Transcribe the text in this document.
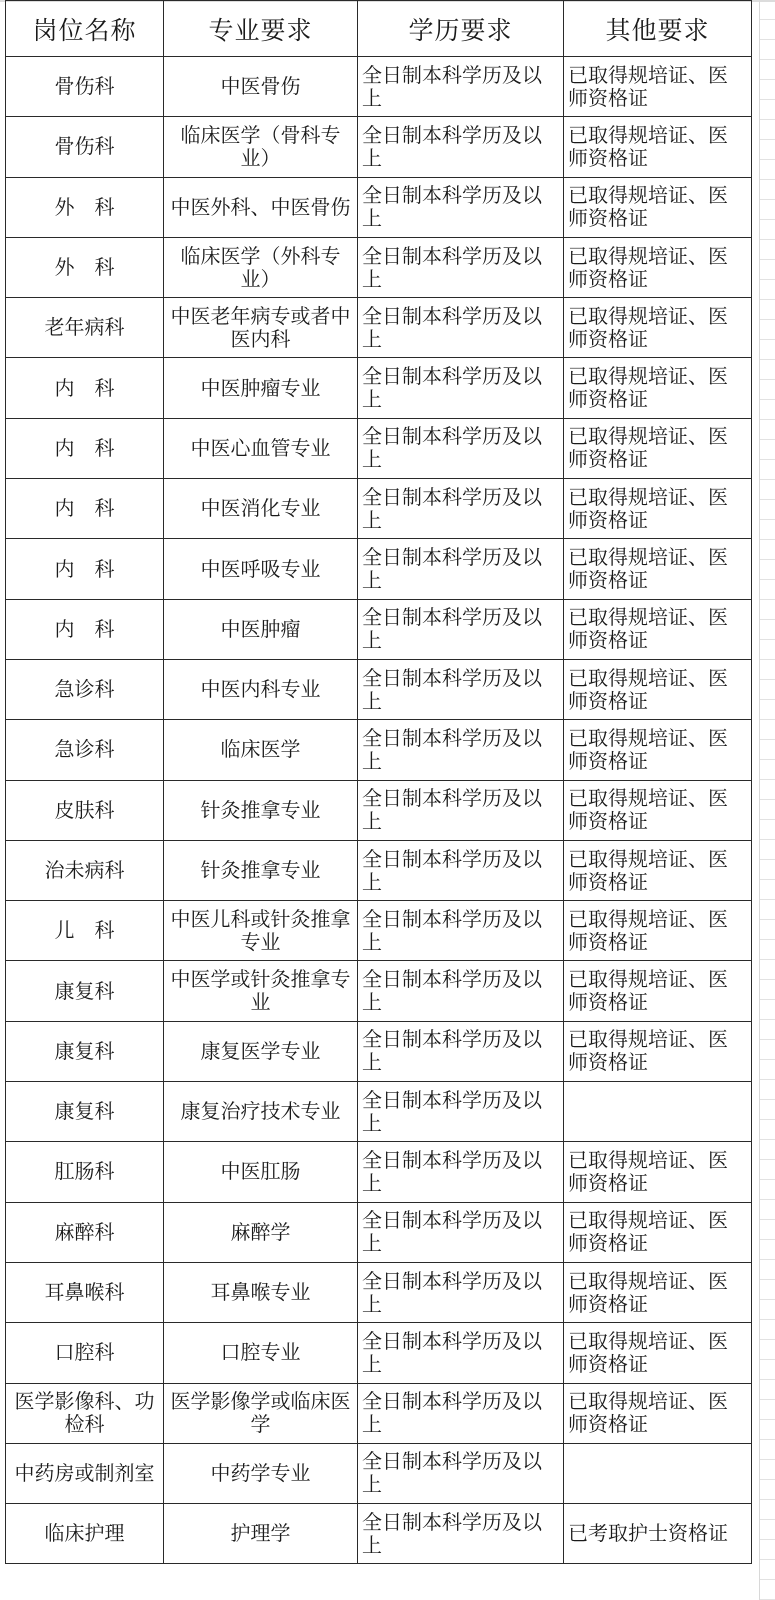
岗位名称	专业要求	学历要求	其他要求
骨伤科	中医骨伤	全日制本科学历及以上	已取得规培证、医师资格证
骨伤科	临床医学（骨科专业）	全日制本科学历及以上	已取得规培证、医师资格证
外　科	中医外科、中医骨伤	全日制本科学历及以上	已取得规培证、医师资格证
外　科	临床医学（外科专业）	全日制本科学历及以上	已取得规培证、医师资格证
老年病科	中医老年病专或者中医内科	全日制本科学历及以上	已取得规培证、医师资格证
内　科	中医肿瘤专业	全日制本科学历及以上	已取得规培证、医师资格证
内　科	中医心血管专业	全日制本科学历及以上	已取得规培证、医师资格证
内　科	中医消化专业	全日制本科学历及以上	已取得规培证、医师资格证
内　科	中医呼吸专业	全日制本科学历及以上	已取得规培证、医师资格证
内　科	中医肿瘤	全日制本科学历及以上	已取得规培证、医师资格证
急诊科	中医内科专业	全日制本科学历及以上	已取得规培证、医师资格证
急诊科	临床医学	全日制本科学历及以上	已取得规培证、医师资格证
皮肤科	针灸推拿专业	全日制本科学历及以上	已取得规培证、医师资格证
治未病科	针灸推拿专业	全日制本科学历及以上	已取得规培证、医师资格证
儿　科	中医儿科或针灸推拿专业	全日制本科学历及以上	已取得规培证、医师资格证
康复科	中医学或针灸推拿专业	全日制本科学历及以上	已取得规培证、医师资格证
康复科	康复医学专业	全日制本科学历及以上	已取得规培证、医师资格证
康复科	康复治疗技术专业	全日制本科学历及以上	
肛肠科	中医肛肠	全日制本科学历及以上	已取得规培证、医师资格证
麻醉科	麻醉学	全日制本科学历及以上	已取得规培证、医师资格证
耳鼻喉科	耳鼻喉专业	全日制本科学历及以上	已取得规培证、医师资格证
口腔科	口腔专业	全日制本科学历及以上	已取得规培证、医师资格证
医学影像科、功检科	医学影像学或临床医学	全日制本科学历及以上	已取得规培证、医师资格证
中药房或制剂室	中药学专业	全日制本科学历及以上	
临床护理	护理学	全日制本科学历及以上	已考取护士资格证
